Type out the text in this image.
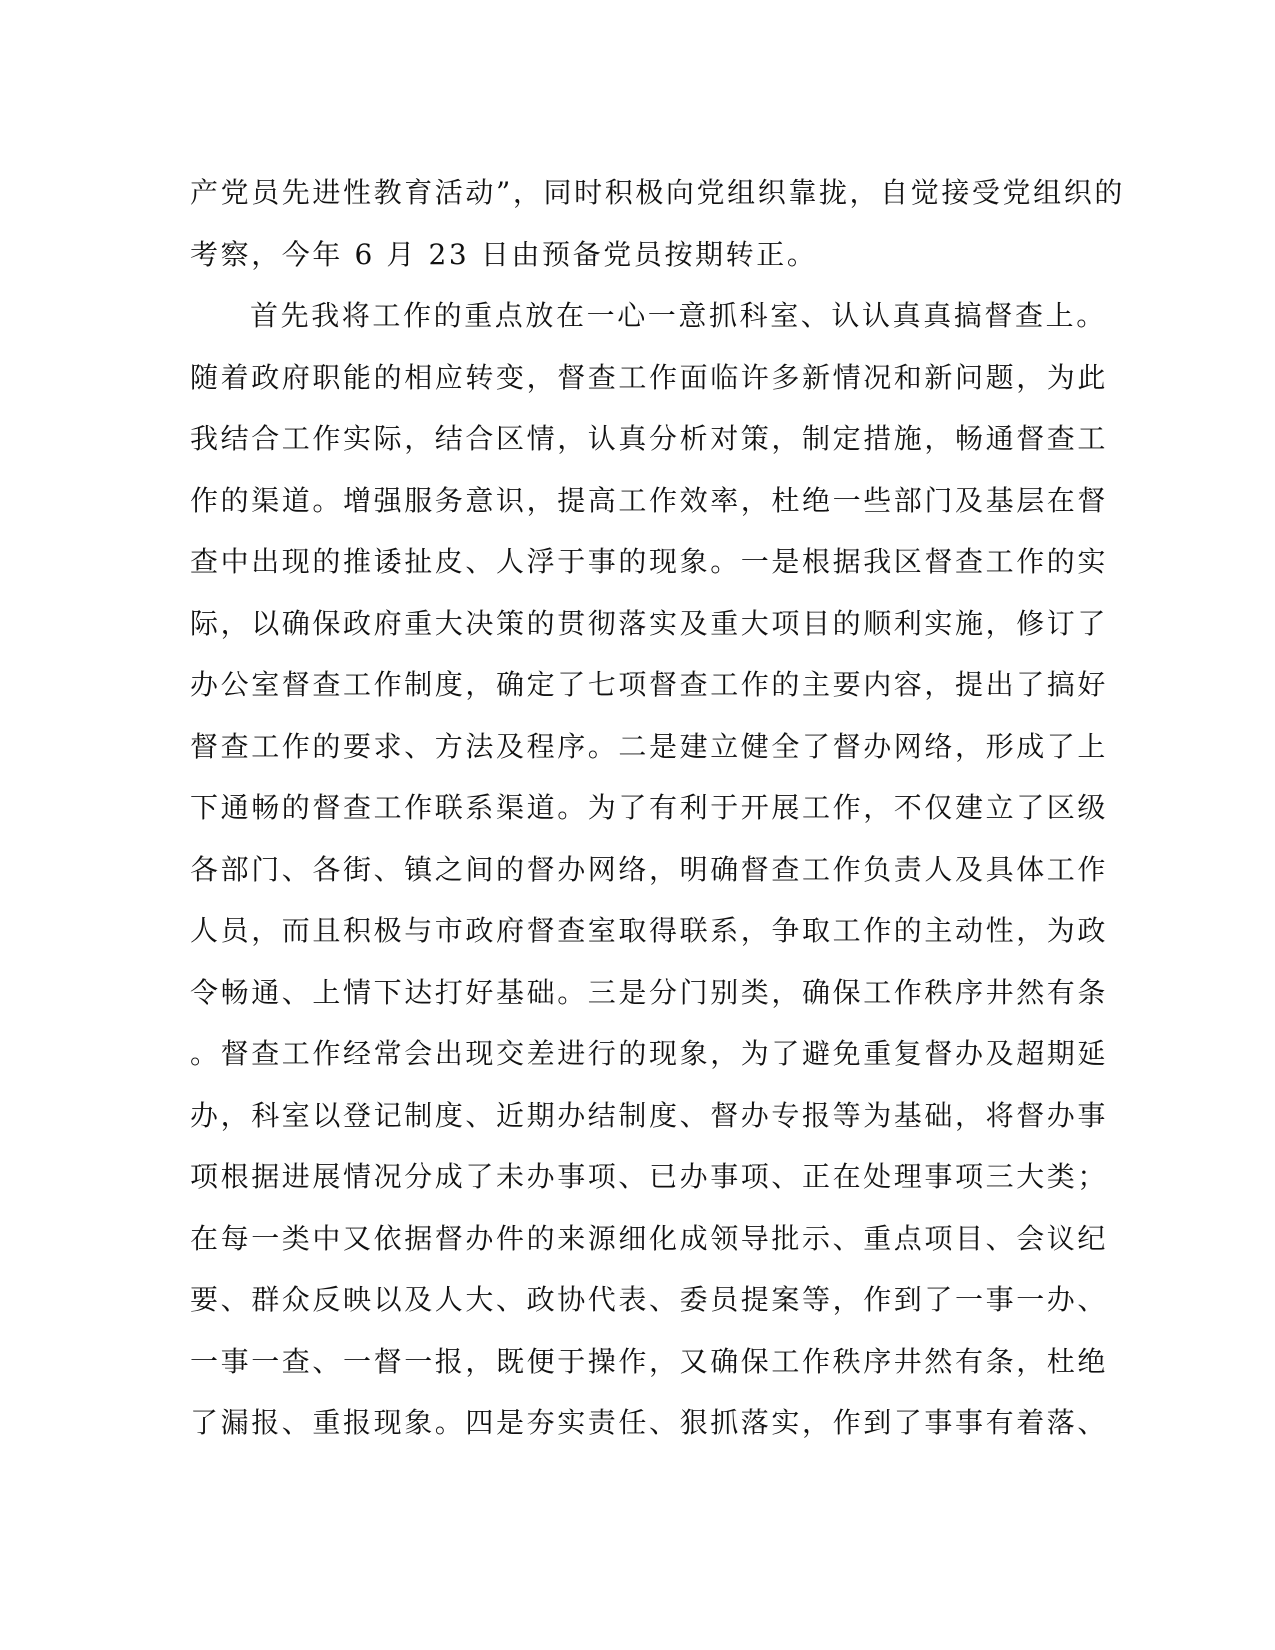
产党员先进性教育活动”，同时积极向党组织靠拢，自觉接受党组织的
考察，今年 6 月 23 日由预备党员按期转正。
首先我将工作的重点放在一心一意抓科室、认认真真搞督查上。
随着政府职能的相应转变，督查工作面临许多新情况和新问题，为此
我结合工作实际，结合区情，认真分析对策，制定措施，畅通督查工
作的渠道。增强服务意识，提高工作效率，杜绝一些部门及基层在督
查中出现的推诿扯皮、人浮于事的现象。一是根据我区督查工作的实
际，以确保政府重大决策的贯彻落实及重大项目的顺利实施，修订了
办公室督查工作制度，确定了七项督查工作的主要内容，提出了搞好
督查工作的要求、方法及程序。二是建立健全了督办网络，形成了上
下通畅的督查工作联系渠道。为了有利于开展工作，不仅建立了区级
各部门、各街、镇之间的督办网络，明确督查工作负责人及具体工作
人员，而且积极与市政府督查室取得联系，争取工作的主动性，为政
令畅通、上情下达打好基础。三是分门别类，确保工作秩序井然有条
。督查工作经常会出现交差进行的现象，为了避免重复督办及超期延
办，科室以登记制度、近期办结制度、督办专报等为基础，将督办事
项根据进展情况分成了未办事项、已办事项、正在处理事项三大类；
在每一类中又依据督办件的来源细化成领导批示、重点项目、会议纪
要、群众反映以及人大、政协代表、委员提案等，作到了一事一办、
一事一查、一督一报，既便于操作，又确保工作秩序井然有条，杜绝
了漏报、重报现象。四是夯实责任、狠抓落实，作到了事事有着落、
